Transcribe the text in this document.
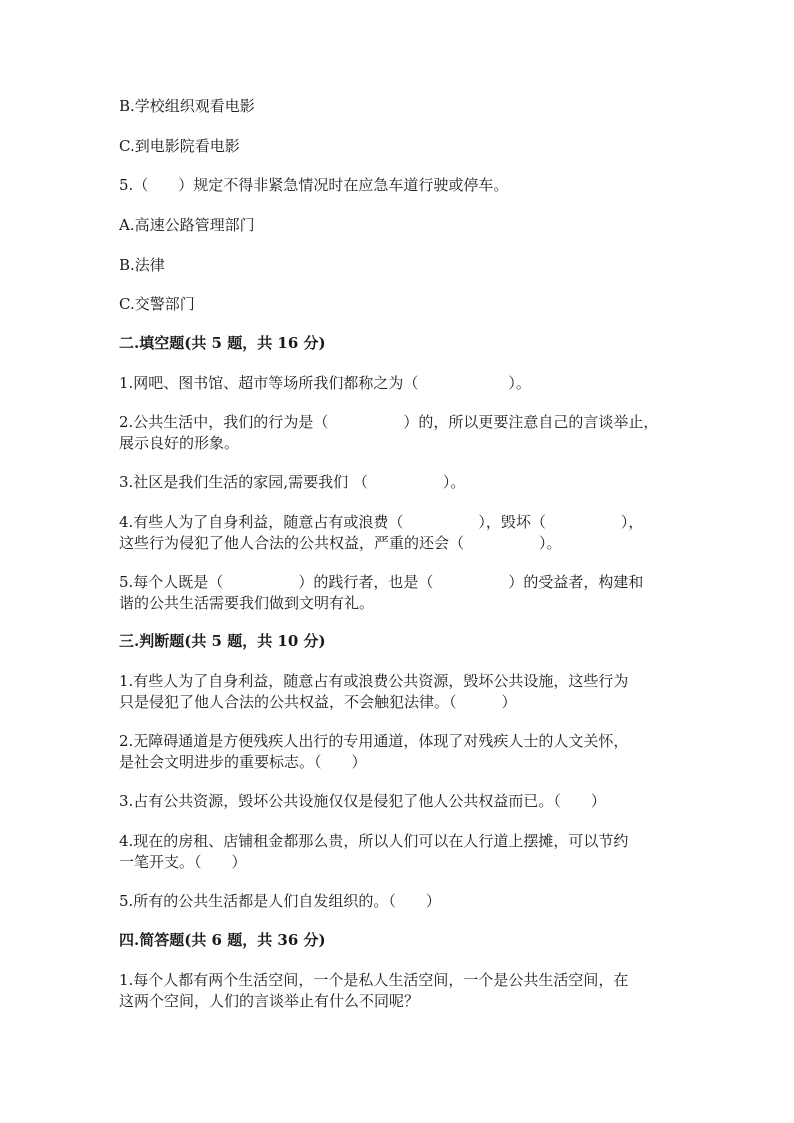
B.学校组织观看电影
C.到电影院看电影
5.（　　）规定不得非紧急情况时在应急车道行驶或停车。
A.高速公路管理部门
B.法律
C.交警部门
二.填空题(共 5 题，共 16 分)
1.网吧、图书馆、超市等场所我们都称之为（　　　　　　）。
2.公共生活中，我们的行为是（　　　　　）的，所以更要注意自己的言谈举止，
展示良好的形象。
3.社区是我们生活的家园,需要我们 （　　　　　）。
4.有些人为了自身利益，随意占有或浪费（　　　　　），毁坏（　　　　　），
这些行为侵犯了他人合法的公共权益，严重的还会（　　　　　）。
5.每个人既是（　　　　　）的践行者，也是（　　　　　）的受益者，构建和
谐的公共生活需要我们做到文明有礼。
三.判断题(共 5 题，共 10 分)
1.有些人为了自身利益，随意占有或浪费公共资源，毁坏公共设施，这些行为
只是侵犯了他人合法的公共权益，不会触犯法律。（　　　）
2.无障碍通道是方便残疾人出行的专用通道，体现了对残疾人士的人文关怀，
是社会文明进步的重要标志。（　　）
3.占有公共资源，毁坏公共设施仅仅是侵犯了他人公共权益而已。（　　）
4.现在的房租、店铺租金都那么贵，所以人们可以在人行道上摆摊，可以节约
一笔开支。（　　）
5.所有的公共生活都是人们自发组织的。（　　）
四.简答题(共 6 题，共 36 分)
1.每个人都有两个生活空间，一个是私人生活空间，一个是公共生活空间，在
这两个空间，人们的言谈举止有什么不同呢？
